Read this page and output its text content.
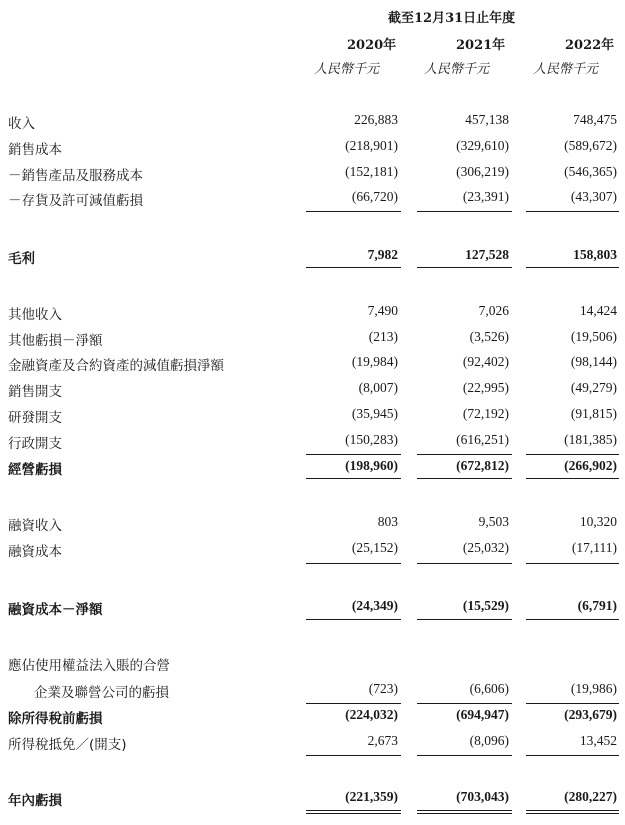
截至12月31日止年度
2020年	2021年	2022年
人民幣千元	人民幣千元	人民幣千元
收入	226,883	457,138	748,475
銷售成本	(218,901)	(329,610)	(589,672)
－銷售產品及服務成本	(152,181)	(306,219)	(546,365)
－存貨及許可減值虧損	(66,720)	(23,391)	(43,307)
毛利	7,982	127,528	158,803
其他收入	7,490	7,026	14,424
其他虧損－淨額	(213)	(3,526)	(19,506)
金融資產及合約資產的減值虧損淨額	(19,984)	(92,402)	(98,144)
銷售開支	(8,007)	(22,995)	(49,279)
研發開支	(35,945)	(72,192)	(91,815)
行政開支	(150,283)	(616,251)	(181,385)
經營虧損	(198,960)	(672,812)	(266,902)
融資收入	803	9,503	10,320
融資成本	(25,152)	(25,032)	(17,111)
融資成本－淨額	(24,349)	(15,529)	(6,791)
應佔使用權益法入賬的合營
企業及聯營公司的虧損	(723)	(6,606)	(19,986)
除所得稅前虧損	(224,032)	(694,947)	(293,679)
所得稅抵免／(開支)	2,673	(8,096)	13,452
年內虧損	(221,359)	(703,043)	(280,227)
